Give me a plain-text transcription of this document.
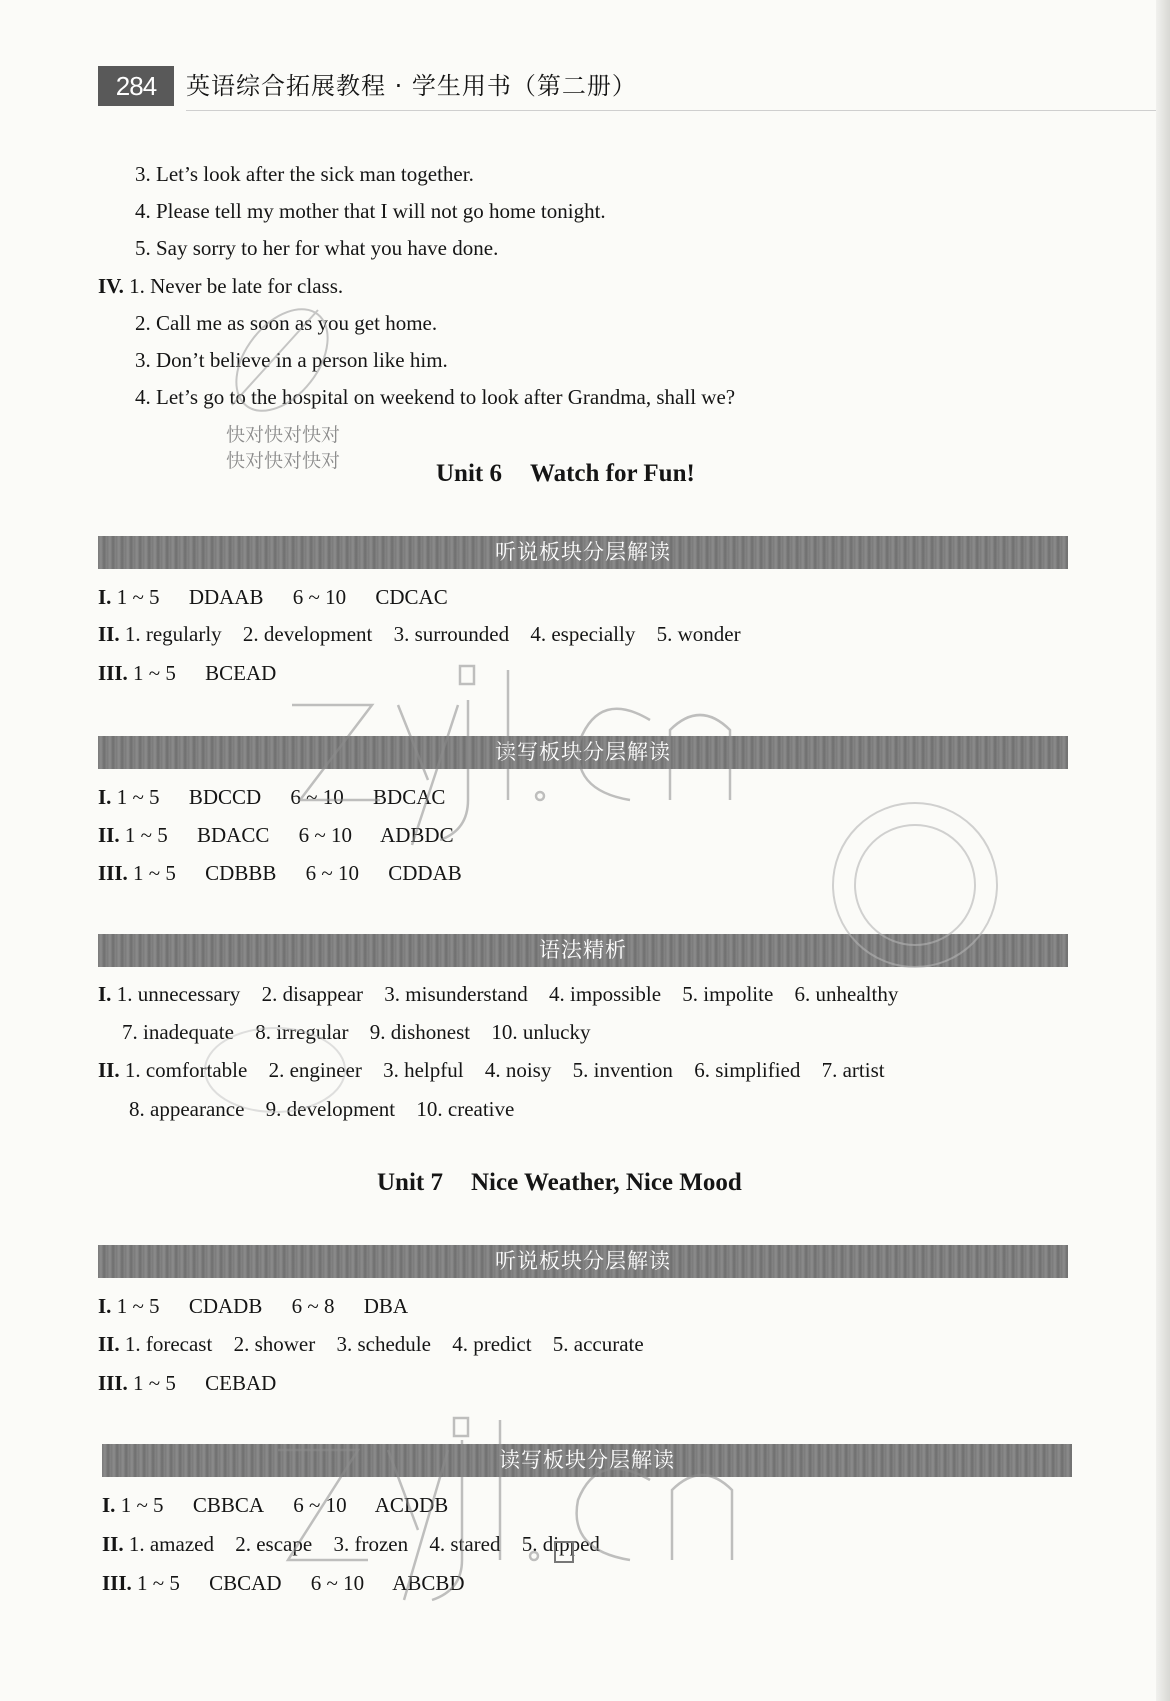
284	英语综合拓展教程 · 学生用书（第二册）
3. Let’s look after the sick man together.
4. Please tell my mother that I will not go home tonight.
5. Say sorry to her for what you have done.
IV. 1. Never be late for class.
2. Call me as soon as you get home.
3. Don’t believe in a person like him.
4. Let’s go to the hospital on weekend to look after Grandma, shall we?
快对快对快对
快对快对快对	Unit 6 Watch for Fun!
听说板块分层解读
I. 1 ~ 5 DDAAB 6 ~ 10 CDCAC
II. 1. regularly 2. development 3. surrounded 4. especially 5. wonder
III. 1 ~ 5 BCEAD
读写板块分层解读
I. 1 ~ 5 BDCCD 6 ~ 10 BDCAC
II. 1 ~ 5 BDACC 6 ~ 10 ADBDC
III. 1 ~ 5 CDBBB 6 ~ 10 CDDAB
语法精析
I. 1. unnecessary 2. disappear 3. misunderstand 4. impossible 5. impolite 6. unhealthy
7. inadequate 8. irregular 9. dishonest 10. unlucky
II. 1. comfortable 2. engineer 3. helpful 4. noisy 5. invention 6. simplified 7. artist
8. appearance 9. development 10. creative
Unit 7 Nice Weather, Nice Mood
听说板块分层解读
I. 1 ~ 5 CDADB 6 ~ 8 DBA
II. 1. forecast 2. shower 3. schedule 4. predict 5. accurate
III. 1 ~ 5 CEBAD
读写板块分层解读
I. 1 ~ 5 CBBCA 6 ~ 10 ACDDB
II. 1. amazed 2. escape 3. frozen 4. stared 5. dipped
III. 1 ~ 5 CBCAD 6 ~ 10 ABCBD
